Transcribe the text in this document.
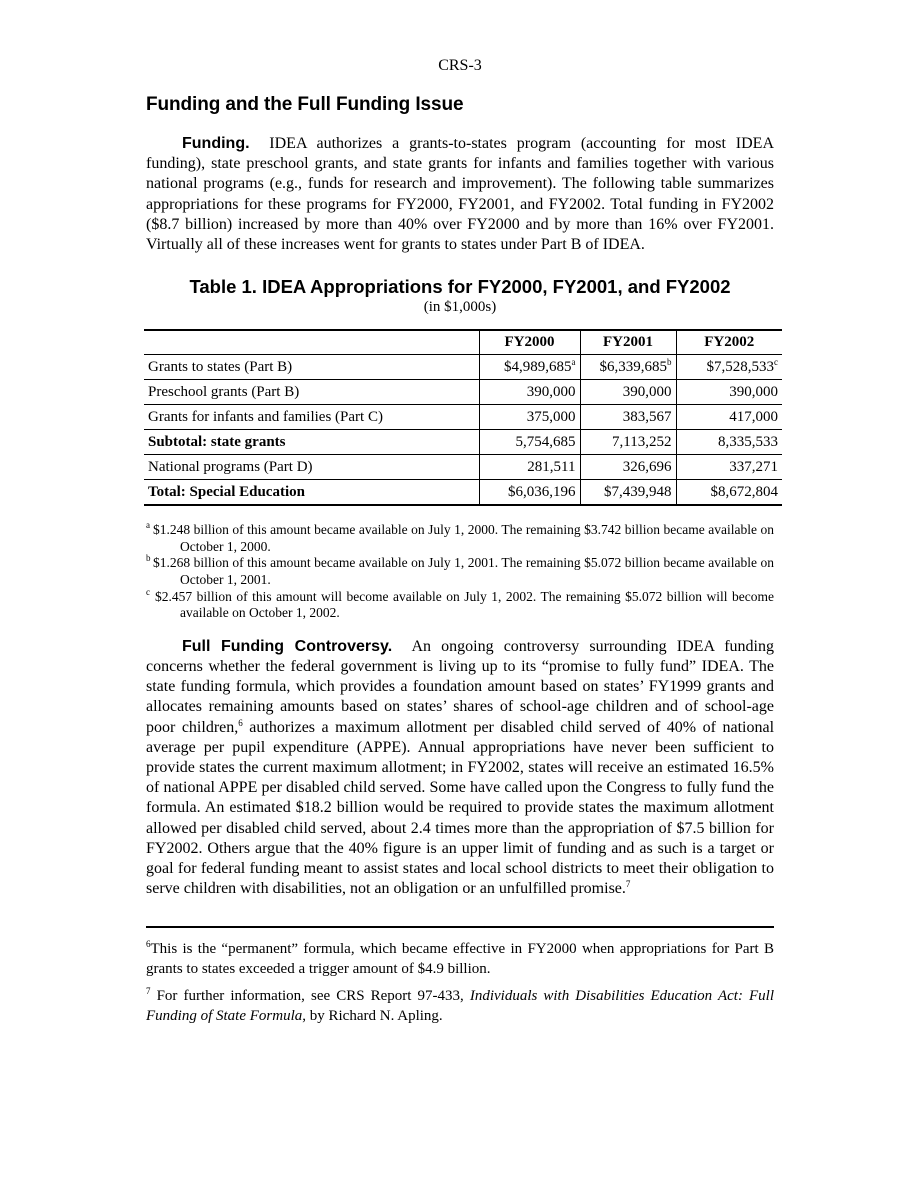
CRS-3
Funding and the Full Funding Issue

Funding. IDEA authorizes a grants-to-states program (accounting for most IDEA funding), state preschool grants, and state grants for infants and families together with various national programs (e.g., funds for research and improvement). The following table summarizes appropriations for these programs for FY2000, FY2001, and FY2002. Total funding in FY2002 ($8.7 billion) increased by more than 40% over FY2000 and by more than 16% over FY2001. Virtually all of these increases went for grants to states under Part B of IDEA.

Table 1. IDEA Appropriations for FY2000, FY2001, and FY2002
(in $1,000s)
	FY2000	FY2001	FY2002
Grants to states (Part B)	$4,989,685$^a$	$6,339,685$^b$	$7,528,533$^c$
Preschool grants (Part B)	390,000	390,000	390,000
Grants for infants and families (Part C)	375,000	383,567	417,000
Subtotal: state grants	5,754,685	7,113,252	8,335,533
National programs (Part D)	281,511	326,696	337,271
Total: Special Education	$6,036,196	$7,439,948	$8,672,804
$^a$ $1.248 billion of this amount became available on July 1, 2000. The remaining $3.742 billion became available on October 1, 2000.
$^b$ $1.268 billion of this amount became available on July 1, 2001. The remaining $5.072 billion became available on October 1, 2001.
$^c$ $2.457 billion of this amount will become available on July 1, 2002. The remaining $5.072 billion will become available on October 1, 2002.

Full Funding Controversy. An ongoing controversy surrounding IDEA funding concerns whether the federal government is living up to its “promise to fully fund” IDEA. The state funding formula, which provides a foundation amount based on states’ FY1999 grants and allocates remaining amounts based on states’ shares of school-age children and of school-age poor children,$^6$ authorizes a maximum allotment per disabled child served of 40% of national average per pupil expenditure (APPE). Annual appropriations have never been sufficient to provide states the current maximum allotment; in FY2002, states will receive an estimated 16.5% of national APPE per disabled child served. Some have called upon the Congress to fully fund the formula. An estimated $18.2 billion would be required to provide states the maximum allotment allowed per disabled child served, about 2.4 times more than the appropriation of $7.5 billion for FY2002. Others argue that the 40% figure is an upper limit of funding and as such is a target or goal for federal funding meant to assist states and local school districts to meet their obligation to serve children with disabilities, not an obligation or an unfulfilled promise.$^7$

$^6$This is the “permanent” formula, which became effective in FY2000 when appropriations for Part B grants to states exceeded a trigger amount of $4.9 billion.
$^7$ For further information, see CRS Report 97-433, Individuals with Disabilities Education Act: Full Funding of State Formula, by Richard N. Apling.
